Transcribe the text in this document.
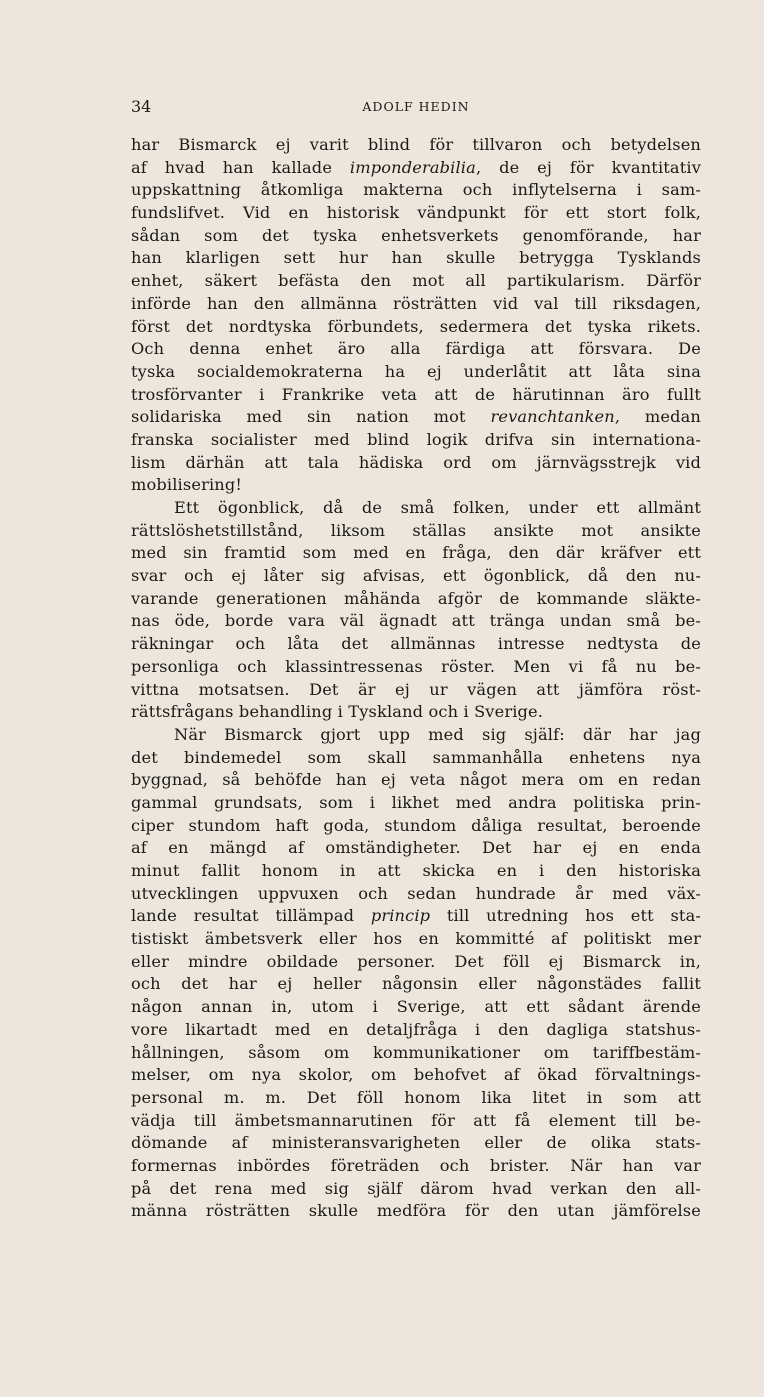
34	ADOLF HEDIN
har Bismarck ej varit blind för tillvaron och betydelsen
af hvad han kallade imponderabilia, de ej för kvantitativ
uppskattning åtkomliga makterna och inflytelserna i sam-
fundslifvet. Vid en historisk vändpunkt för ett stort folk,
sådan som det tyska enhetsverkets genomförande, har
han klarligen sett hur han skulle betrygga Tysklands
enhet, säkert befästa den mot all partikularism. Därför
införde han den allmänna rösträtten vid val till riksdagen,
först det nordtyska förbundets, sedermera det tyska rikets.
Och denna enhet äro alla färdiga att försvara. De
tyska socialdemokraterna ha ej underlåtit att låta sina
trosförvanter i Frankrike veta att de härutinnan äro fullt
solidariska med sin nation mot revanchtanken, medan
franska socialister med blind logik drifva sin internationa-
lism därhän att tala hädiska ord om järnvägsstrejk vid
mobilisering!
Ett ögonblick, då de små folken, under ett allmänt
rättslöshetstillstånd, liksom ställas ansikte mot ansikte
med sin framtid som med en fråga, den där kräfver ett
svar och ej låter sig afvisas, ett ögonblick, då den nu-
varande generationen måhända afgör de kommande släkte-
nas öde, borde vara väl ägnadt att tränga undan små be-
räkningar och låta det allmännas intresse nedtysta de
personliga och klassintressenas röster. Men vi få nu be-
vittna motsatsen. Det är ej ur vägen att jämföra röst-
rättsfrågans behandling i Tyskland och i Sverige.
När Bismarck gjort upp med sig själf: där har jag
det bindemedel som skall sammanhålla enhetens nya
byggnad, så behöfde han ej veta något mera om en redan
gammal grundsats, som i likhet med andra politiska prin-
ciper stundom haft goda, stundom dåliga resultat, beroende
af en mängd af omständigheter. Det har ej en enda
minut fallit honom in att skicka en i den historiska
utvecklingen uppvuxen och sedan hundrade år med väx-
lande resultat tillämpad princip till utredning hos ett sta-
tistiskt ämbetsverk eller hos en kommitté af politiskt mer
eller mindre obildade personer. Det föll ej Bismarck in,
och det har ej heller någonsin eller någonstädes fallit
någon annan in, utom i Sverige, att ett sådant ärende
vore likartadt med en detaljfråga i den dagliga statshus-
hållningen, såsom om kommunikationer om tariffbestäm-
melser, om nya skolor, om behofvet af ökad förvaltnings-
personal m. m. Det föll honom lika litet in som att
vädja till ämbetsmannarutinen för att få element till be-
dömande af ministeransvarigheten eller de olika stats-
formernas inbördes företräden och brister. När han var
på det rena med sig själf därom hvad verkan den all-
männa rösträtten skulle medföra för den utan jämförelse
